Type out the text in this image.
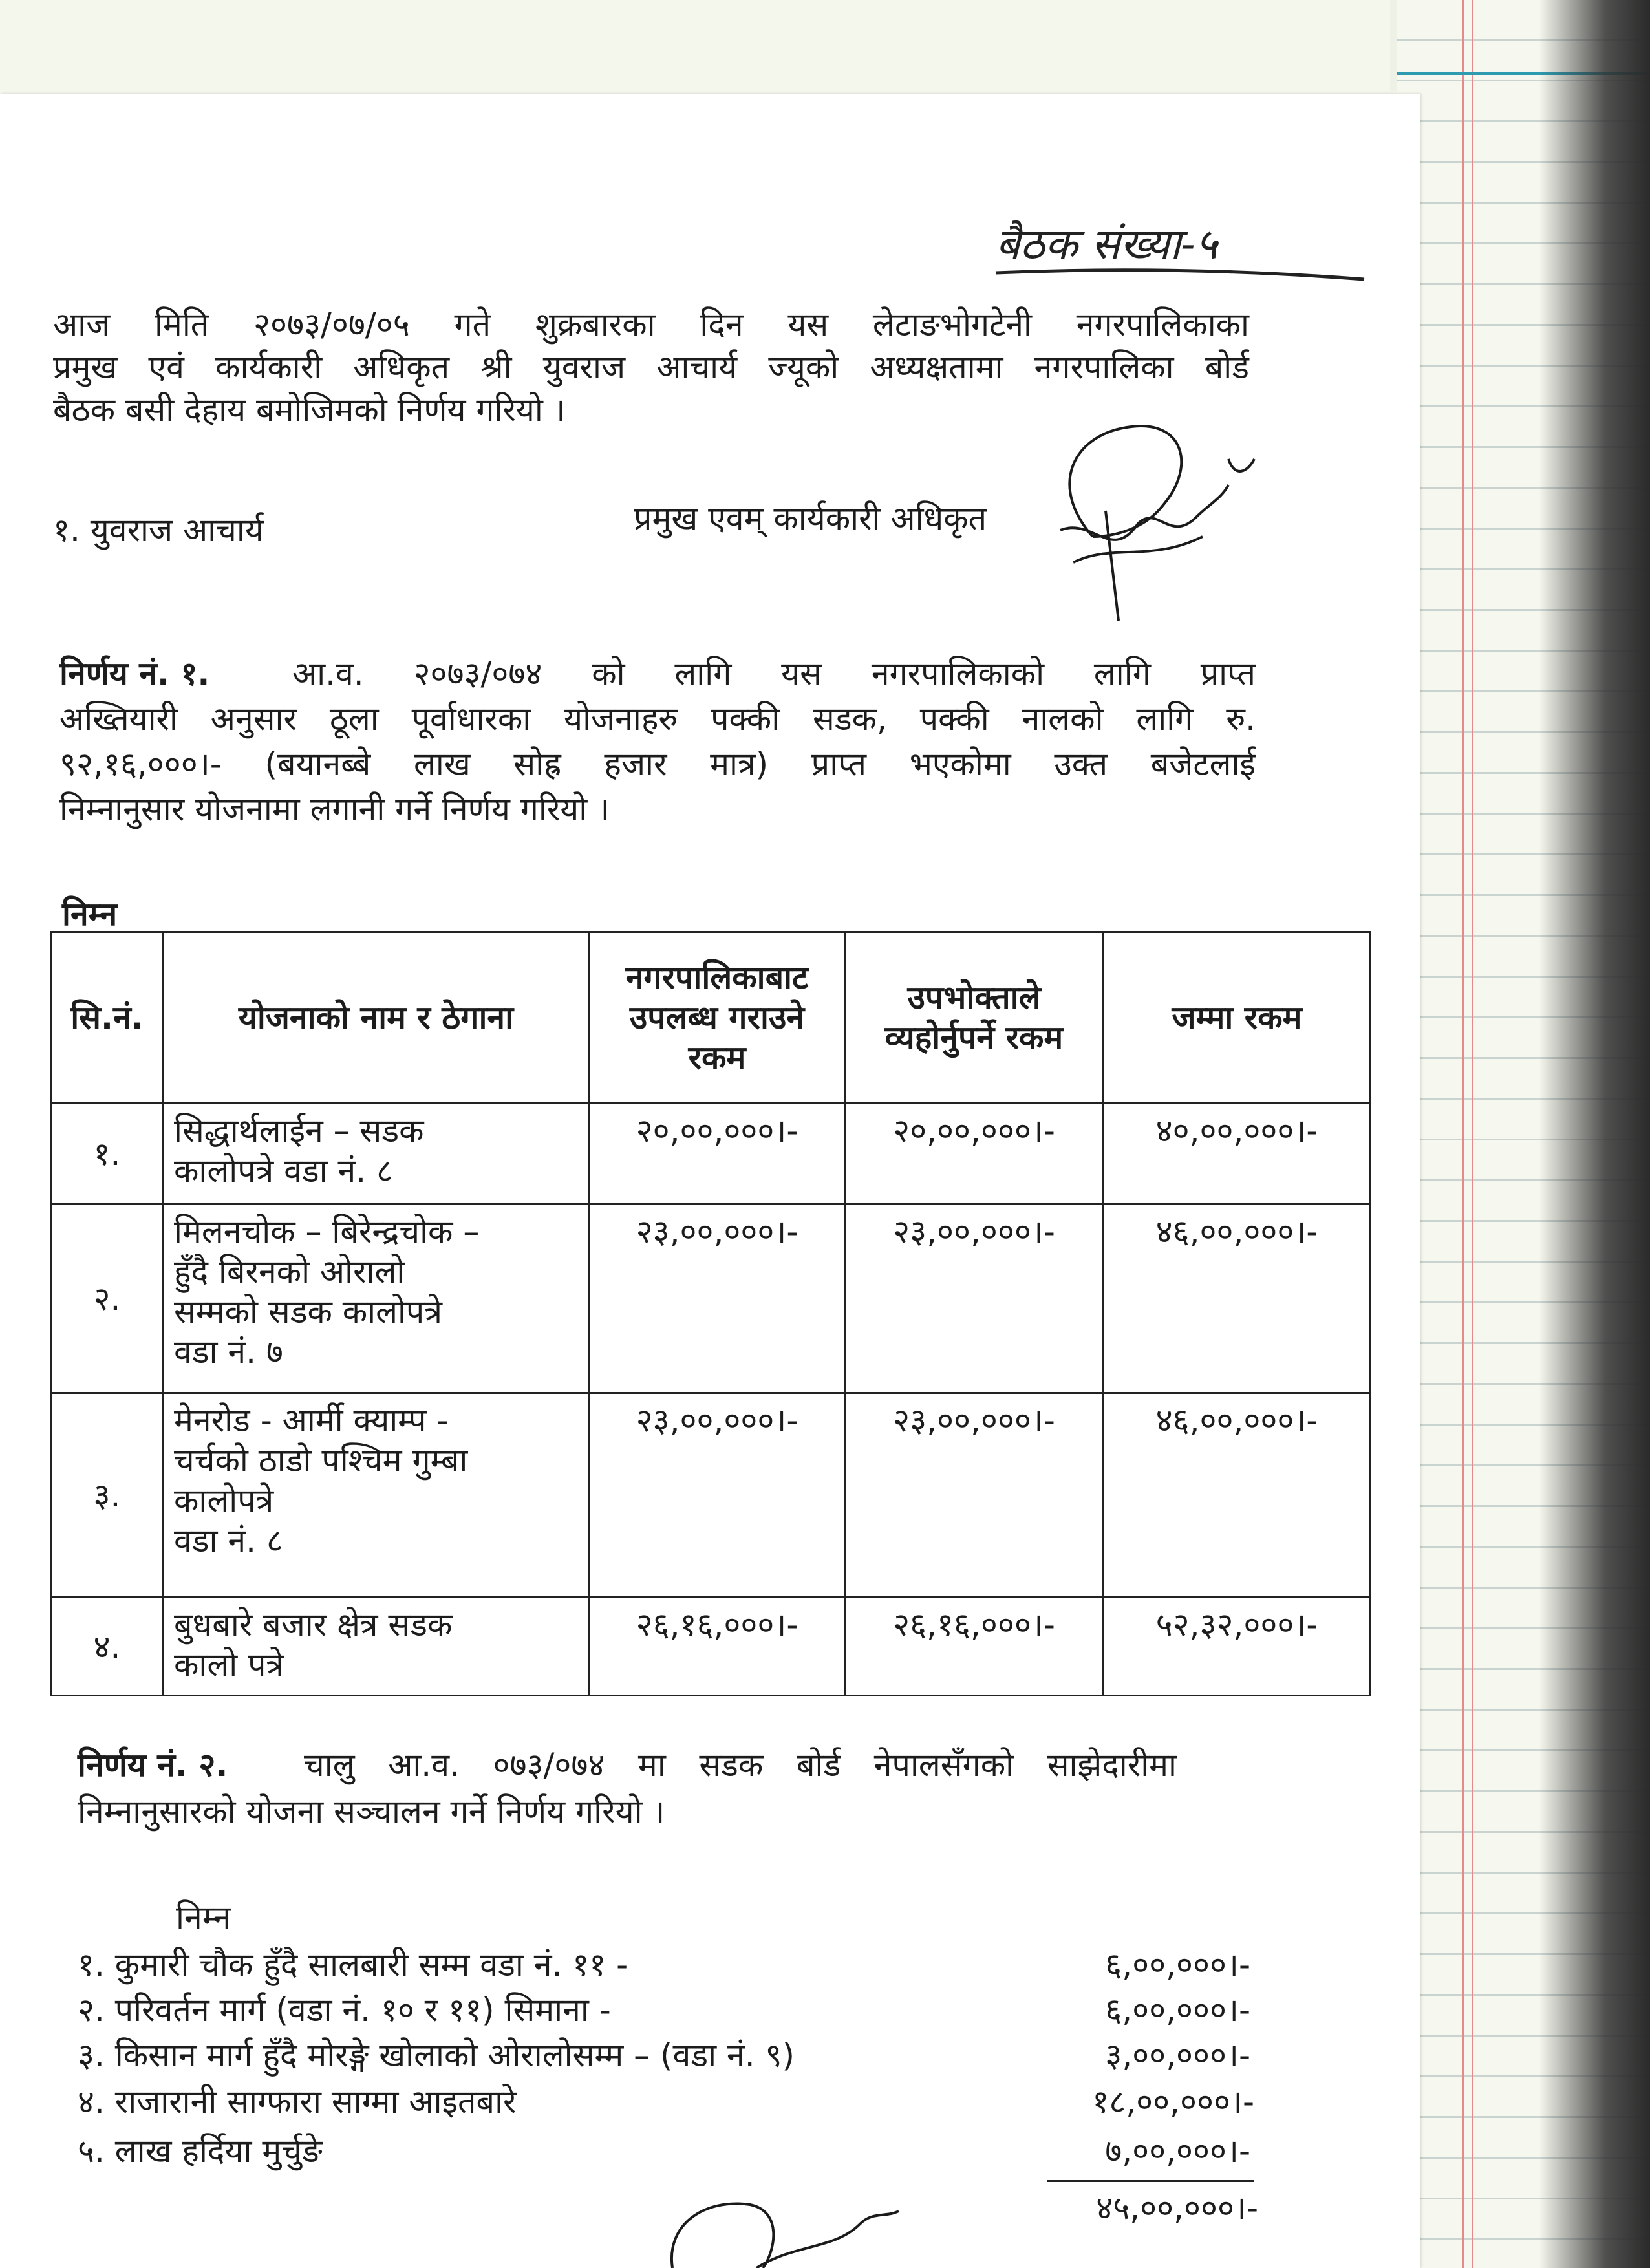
बैठक संख्या-५
आज मिति २०७३/०७/०५ गते शुक्रबारका दिन यस लेटाङभोगटेनी नगरपालिकाका
प्रमुख एवं कार्यकारी अधिकृत श्री युवराज आचार्य ज्यूको अध्यक्षतामा नगरपालिका बोर्ड
बैठक बसी देहाय बमोजिमको निर्णय गरियो ।
१. युवराज आचार्य	प्रमुख एवम् कार्यकारी अधिकृत
निर्णय नं. १.	आ.व. २०७३/०७४ को लागि यस नगरपालिकाको लागि प्राप्त
अख्तियारी अनुसार ठूला पूर्वाधारका योजनाहरु पक्की सडक, पक्की नालको लागि रु.
९२,१६,०००।- (बयानब्बे लाख सोह्र हजार मात्र) प्राप्त भएकोमा उक्त बजेटलाई
निम्नानुसार योजनामा लगानी गर्ने निर्णय गरियो ।
निम्न
सि.नं.	योजनाको नाम र ठेगाना	नगरपालिकाबाट उपलब्ध गराउने रकम	उपभोक्ताले व्यहोर्नुपर्ने रकम	जम्मा रकम
१.	सिद्धार्थलाईन – सडक
कालोपत्रे वडा नं. ८	२०,००,०००।-	२०,००,०००।-	४०,००,०००।-
२.	मिलनचोक – बिरेन्द्रचोक –
हुँदै बिरनको ओरालो
सम्मको सडक कालोपत्रे
वडा नं. ७	२३,००,०००।-	२३,००,०००।-	४६,००,०००।-
३.	मेनरोड - आर्मी क्याम्प -
चर्चको ठाडो पश्चिम गुम्बा
कालोपत्रे
वडा नं. ८	२३,००,०००।-	२३,००,०००।-	४६,००,०००।-
४.	बुधबारे बजार क्षेत्र सडक
कालो पत्रे	२६,१६,०००।-	२६,१६,०००।-	५२,३२,०००।-
निर्णय नं. २. चालु आ.व. ०७३/०७४ मा सडक बोर्ड नेपालसँगको साझेदारीमा
निम्नानुसारको योजना सञ्चालन गर्ने निर्णय गरियो ।
निम्न
१. कुमारी चौक हुँदै सालबारी सम्म वडा नं. ११ -	६,००,०००।-
२. परिवर्तन मार्ग (वडा नं. १० र ११) सिमाना -	६,००,०००।-
३. किसान मार्ग हुँदै मोरङ्गे खोलाको ओरालोसम्म – (वडा नं. ९)	३,००,०००।-
४. राजारानी साग्फारा साग्मा आइतबारे	१८,००,०००।-
५. लाख हर्दिया मुर्चुङे	७,००,०००।-
४५,००,०००।-
